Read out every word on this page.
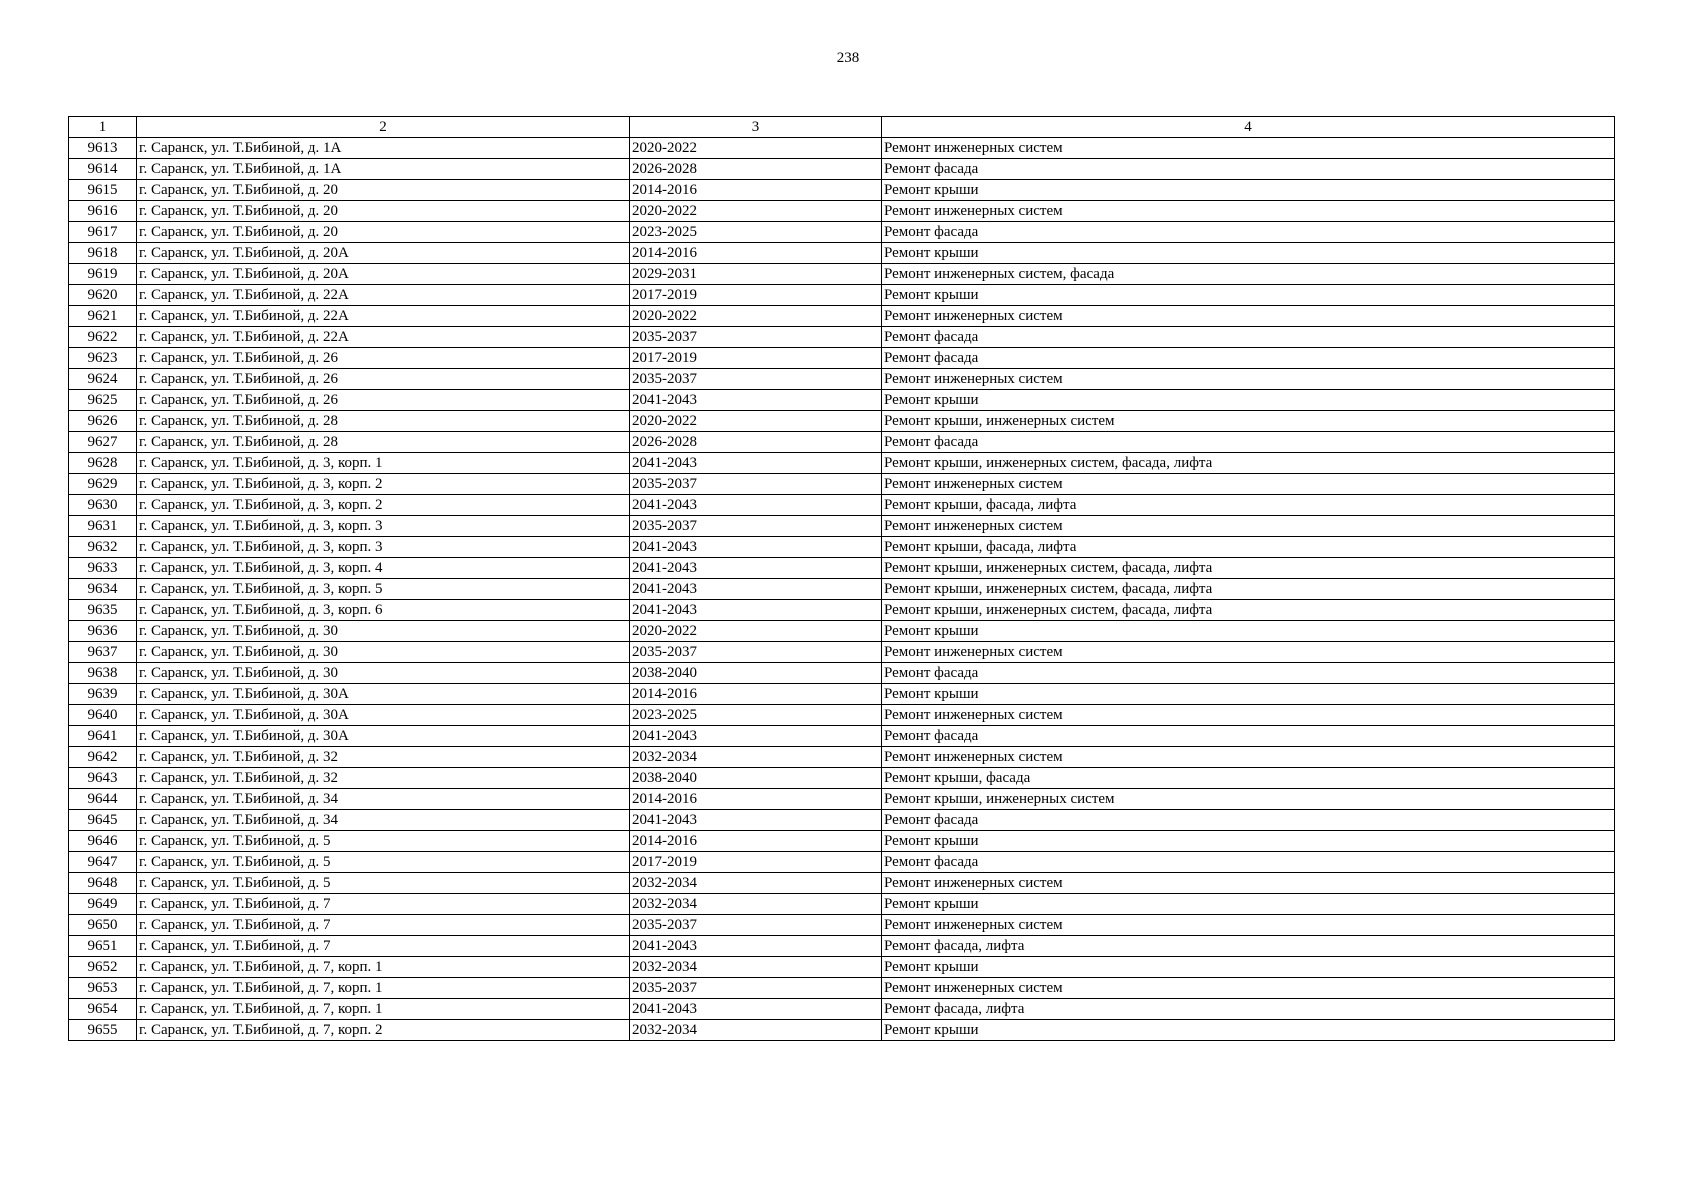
238
1	2	3	4
9613	г. Саранск, ул. Т.Бибиной, д. 1А	2020-2022	Ремонт инженерных систем
9614	г. Саранск, ул. Т.Бибиной, д. 1А	2026-2028	Ремонт фасада
9615	г. Саранск, ул. Т.Бибиной, д. 20	2014-2016	Ремонт крыши
9616	г. Саранск, ул. Т.Бибиной, д. 20	2020-2022	Ремонт инженерных систем
9617	г. Саранск, ул. Т.Бибиной, д. 20	2023-2025	Ремонт фасада
9618	г. Саранск, ул. Т.Бибиной, д. 20А	2014-2016	Ремонт крыши
9619	г. Саранск, ул. Т.Бибиной, д. 20А	2029-2031	Ремонт инженерных систем, фасада
9620	г. Саранск, ул. Т.Бибиной, д. 22А	2017-2019	Ремонт крыши
9621	г. Саранск, ул. Т.Бибиной, д. 22А	2020-2022	Ремонт инженерных систем
9622	г. Саранск, ул. Т.Бибиной, д. 22А	2035-2037	Ремонт фасада
9623	г. Саранск, ул. Т.Бибиной, д. 26	2017-2019	Ремонт фасада
9624	г. Саранск, ул. Т.Бибиной, д. 26	2035-2037	Ремонт инженерных систем
9625	г. Саранск, ул. Т.Бибиной, д. 26	2041-2043	Ремонт крыши
9626	г. Саранск, ул. Т.Бибиной, д. 28	2020-2022	Ремонт крыши, инженерных систем
9627	г. Саранск, ул. Т.Бибиной, д. 28	2026-2028	Ремонт фасада
9628	г. Саранск, ул. Т.Бибиной, д. 3, корп. 1	2041-2043	Ремонт крыши, инженерных систем, фасада, лифта
9629	г. Саранск, ул. Т.Бибиной, д. 3, корп. 2	2035-2037	Ремонт инженерных систем
9630	г. Саранск, ул. Т.Бибиной, д. 3, корп. 2	2041-2043	Ремонт крыши, фасада, лифта
9631	г. Саранск, ул. Т.Бибиной, д. 3, корп. 3	2035-2037	Ремонт инженерных систем
9632	г. Саранск, ул. Т.Бибиной, д. 3, корп. 3	2041-2043	Ремонт крыши, фасада, лифта
9633	г. Саранск, ул. Т.Бибиной, д. 3, корп. 4	2041-2043	Ремонт крыши, инженерных систем, фасада, лифта
9634	г. Саранск, ул. Т.Бибиной, д. 3, корп. 5	2041-2043	Ремонт крыши, инженерных систем, фасада, лифта
9635	г. Саранск, ул. Т.Бибиной, д. 3, корп. 6	2041-2043	Ремонт крыши, инженерных систем, фасада, лифта
9636	г. Саранск, ул. Т.Бибиной, д. 30	2020-2022	Ремонт крыши
9637	г. Саранск, ул. Т.Бибиной, д. 30	2035-2037	Ремонт инженерных систем
9638	г. Саранск, ул. Т.Бибиной, д. 30	2038-2040	Ремонт фасада
9639	г. Саранск, ул. Т.Бибиной, д. 30А	2014-2016	Ремонт крыши
9640	г. Саранск, ул. Т.Бибиной, д. 30А	2023-2025	Ремонт инженерных систем
9641	г. Саранск, ул. Т.Бибиной, д. 30А	2041-2043	Ремонт фасада
9642	г. Саранск, ул. Т.Бибиной, д. 32	2032-2034	Ремонт инженерных систем
9643	г. Саранск, ул. Т.Бибиной, д. 32	2038-2040	Ремонт крыши, фасада
9644	г. Саранск, ул. Т.Бибиной, д. 34	2014-2016	Ремонт крыши, инженерных систем
9645	г. Саранск, ул. Т.Бибиной, д. 34	2041-2043	Ремонт фасада
9646	г. Саранск, ул. Т.Бибиной, д. 5	2014-2016	Ремонт крыши
9647	г. Саранск, ул. Т.Бибиной, д. 5	2017-2019	Ремонт фасада
9648	г. Саранск, ул. Т.Бибиной, д. 5	2032-2034	Ремонт инженерных систем
9649	г. Саранск, ул. Т.Бибиной, д. 7	2032-2034	Ремонт крыши
9650	г. Саранск, ул. Т.Бибиной, д. 7	2035-2037	Ремонт инженерных систем
9651	г. Саранск, ул. Т.Бибиной, д. 7	2041-2043	Ремонт фасада, лифта
9652	г. Саранск, ул. Т.Бибиной, д. 7, корп. 1	2032-2034	Ремонт крыши
9653	г. Саранск, ул. Т.Бибиной, д. 7, корп. 1	2035-2037	Ремонт инженерных систем
9654	г. Саранск, ул. Т.Бибиной, д. 7, корп. 1	2041-2043	Ремонт фасада, лифта
9655	г. Саранск, ул. Т.Бибиной, д. 7, корп. 2	2032-2034	Ремонт крыши
